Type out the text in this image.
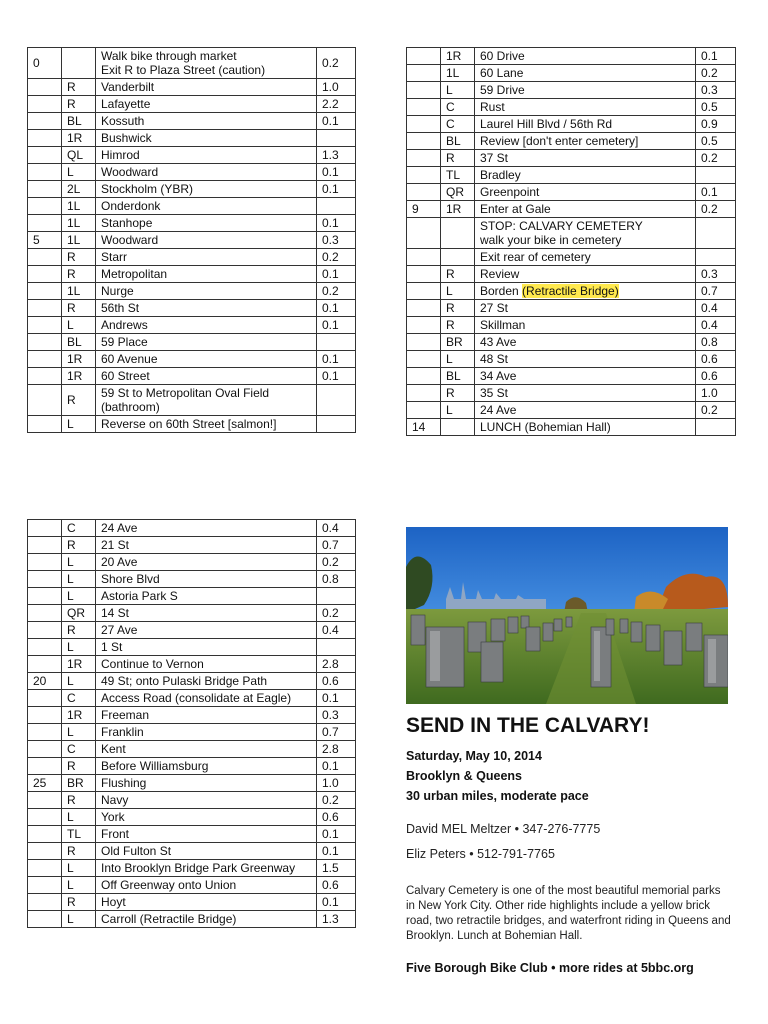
0		Walk bike through market
Exit R to Plaza Street (caution)	0.2
	R	Vanderbilt	1.0
	R	Lafayette	2.2
	BL	Kossuth	0.1
	1R	Bushwick	
	QL	Himrod	1.3
	L	Woodward	0.1
	2L	Stockholm (YBR)	0.1
	1L	Onderdonk	
	1L	Stanhope	0.1
5	1L	Woodward	0.3
	R	Starr	0.2
	R	Metropolitan	0.1
	1L	Nurge	0.2
	R	56th St	0.1
	L	Andrews	0.1
	BL	59 Place	
	1R	60 Avenue	0.1
	1R	60 Street	0.1
	R	59 St to Metropolitan Oval Field (bathroom)	
	L	Reverse on 60th Street [salmon!]	
	1R	60 Drive	0.1
	1L	60 Lane	0.2
	L	59 Drive	0.3
	C	Rust	0.5
	C	Laurel Hill Blvd / 56th Rd	0.9
	BL	Review [don't enter cemetery]	0.5
	R	37 St	0.2
	TL	Bradley	
	QR	Greenpoint	0.1
9	1R	Enter at Gale	0.2
		STOP: CALVARY CEMETERY
walk your bike in cemetery	
		Exit rear of cemetery	
	R	Review	0.3
	L	Borden (Retractile Bridge)	0.7
	R	27 St	0.4
	R	Skillman	0.4
	BR	43 Ave	0.8
	L	48 St	0.6
	BL	34 Ave	0.6
	R	35 St	1.0
	L	24 Ave	0.2
14		LUNCH (Bohemian Hall)	
	C	24 Ave	0.4
	R	21 St	0.7
	L	20 Ave	0.2
	L	Shore Blvd	0.8
	L	Astoria Park S	
	QR	14 St	0.2
	R	27 Ave	0.4
	L	1 St	
	1R	Continue to Vernon	2.8
20	L	49 St; onto Pulaski Bridge Path	0.6
	C	Access Road (consolidate at Eagle)	0.1
	1R	Freeman	0.3
	L	Franklin	0.7
	C	Kent	2.8
	R	Before Williamsburg	0.1
25	BR	Flushing	1.0
	R	Navy	0.2
	L	York	0.6
	TL	Front	0.1
	R	Old Fulton St	0.1
	L	Into Brooklyn Bridge Park Greenway	1.5
	L	Off Greenway onto Union	0.6
	R	Hoyt	0.1
	L	Carroll (Retractile Bridge)	1.3
SEND IN THE CALVARY!
Saturday, May 10, 2014
Brooklyn & Queens
30 urban miles, moderate pace
David MEL Meltzer • 347-276-7775
Eliz Peters • 512-791-7765
Calvary Cemetery is one of the most beautiful memorial parks in New York City. Other ride highlights include a yellow brick road, two retractile bridges, and waterfront riding in Queens and Brooklyn. Lunch at Bohemian Hall.
Five Borough Bike Club • more rides at 5bbc.org
